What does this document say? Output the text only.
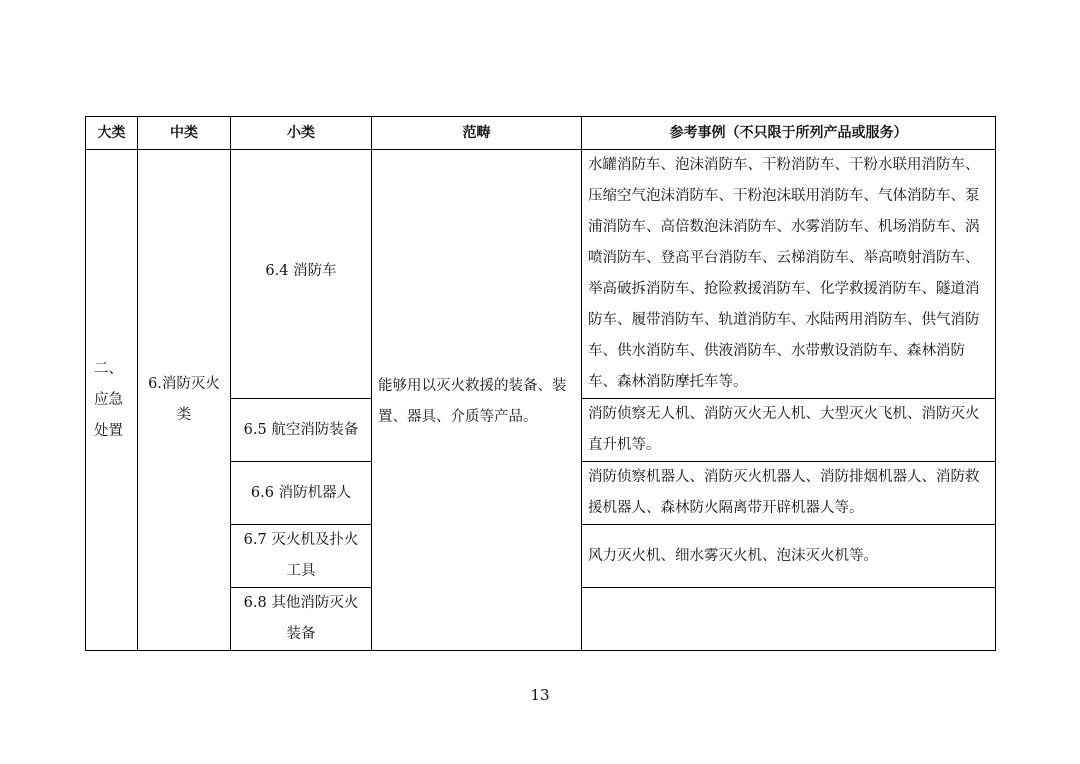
大类	中类	小类	范畴	参考事例（不只限于所列产品或服务）
二、应急处置	6.消防灭火类	6.4 消防车	能够用以灭火救援的装备、装置、器具、介质等产品。	水罐消防车、泡沫消防车、干粉消防车、干粉水联用消防车、压缩空气泡沫消防车、干粉泡沫联用消防车、气体消防车、泵浦消防车、高倍数泡沫消防车、水雾消防车、机场消防车、涡喷消防车、登高平台消防车、云梯消防车、举高喷射消防车、举高破拆消防车、抢险救援消防车、化学救援消防车、隧道消防车、履带消防车、轨道消防车、水陆两用消防车、供气消防车、供水消防车、供液消防车、水带敷设消防车、森林消防车、森林消防摩托车等。
		6.5 航空消防装备		消防侦察无人机、消防灭火无人机、大型灭火飞机、消防灭火直升机等。
		6.6 消防机器人		消防侦察机器人、消防灭火机器人、消防排烟机器人、消防救援机器人、森林防火隔离带开辟机器人等。
		6.7 灭火机及扑火工具		风力灭火机、细水雾灭火机、泡沫灭火机等。
		6.8 其他消防灭火装备		
13
